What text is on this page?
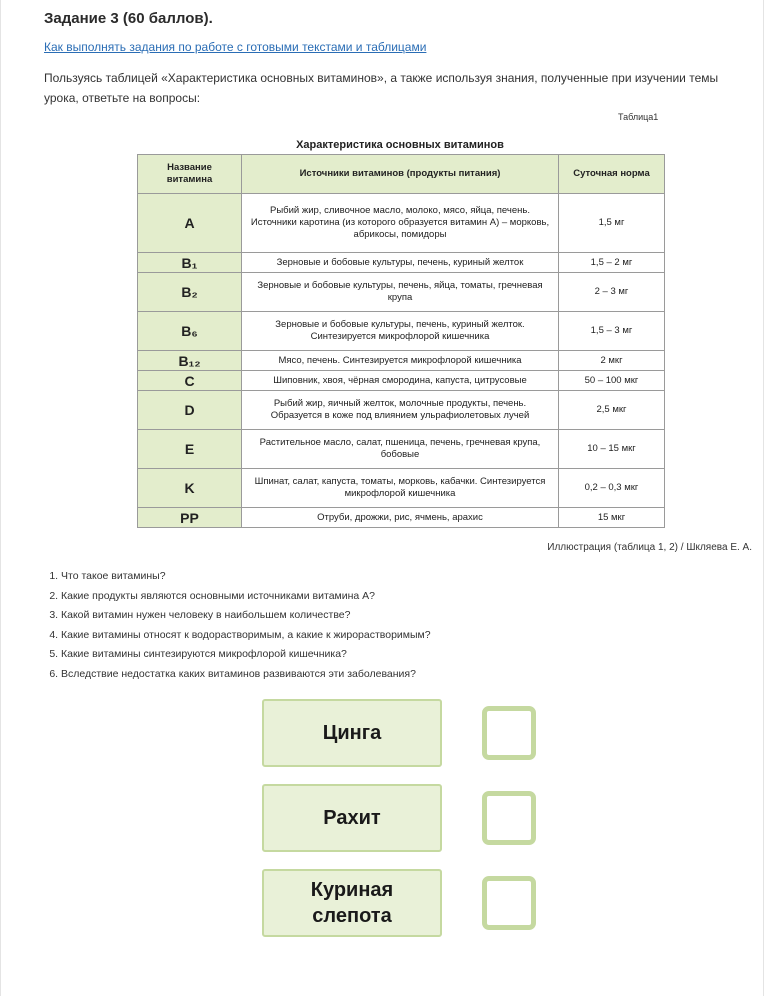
Задание 3 (60 баллов).
Как выполнять задания по работе с готовыми текстами и таблицами
Пользуясь таблицей «Характеристика основных витаминов», а также используя знания, полученные при изучении темы урока, ответьте на вопросы:
Таблица1
Характеристика основных витаминов
Название витамина	Источники витаминов (продукты питания)	Суточная норма
A	Рыбий жир, сливочное масло, молоко, мясо, яйца, печень. Источники каротина (из которого образуется витамин А) – морковь, абрикосы, помидоры	1,5 мг
B₁	Зерновые и бобовые культуры, печень, куриный желток	1,5 – 2 мг
B₂	Зерновые и бобовые культуры, печень, яйца, томаты, гречневая крупа	2 – 3 мг
B₆	Зерновые и бобовые культуры, печень, куриный желток. Синтезируется микрофлорой кишечника	1,5 – 3 мг
B₁₂	Мясо, печень. Синтезируется микрофлорой кишечника	2 мкг
C	Шиповник, хвоя, чёрная смородина, капуста, цитрусовые	50 – 100 мкг
D	Рыбий жир, яичный желток, молочные продукты, печень. Образуется в коже под влиянием ульрафиолетовых лучей	2,5 мкг
E	Растительное масло, салат, пшеница, печень, гречневая крупа, бобовые	10 – 15 мкг
K	Шпинат, салат, капуста, томаты, морковь, кабачки. Синтезируется микрофлорой кишечника	0,2 – 0,3 мкг
PP	Отруби, дрожжи, рис, ячмень, арахис	15 мкг
Иллюстрация (таблица 1, 2) / Шкляева Е. А.
1. Что такое витамины?
2. Какие продукты являются основными источниками витамина А?
3. Какой витамин нужен человеку в наибольшем количестве?
4. Какие витамины относят к водорастворимым, а какие к жирорастворимым?
5. Какие витамины синтезируются микрофлорой кишечника?
6. Вследствие недостатка каких витаминов развиваются эти заболевания?
Цинга
Рахит
Куриная слепота
